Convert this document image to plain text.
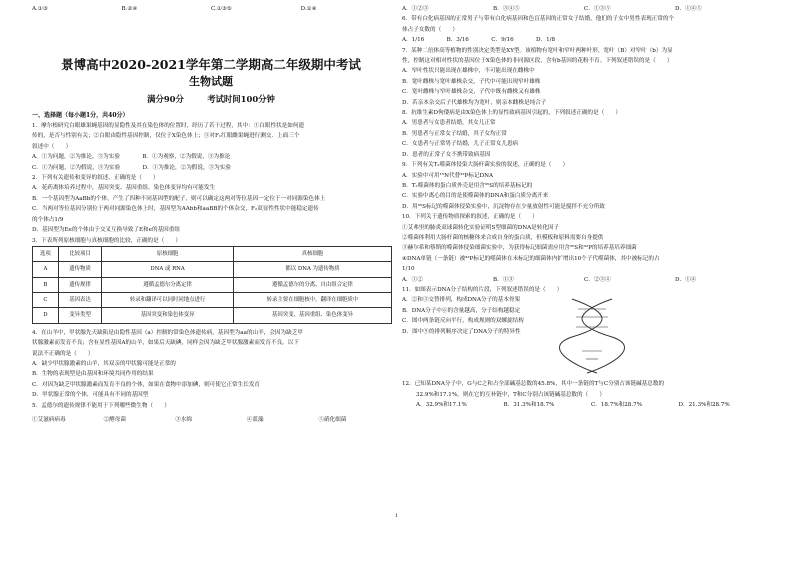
A.①③	B.②④	C.①③⑤	D.①④
景博高中2020-2021学年第二学期高二年级期中考试
生物试题
满分90分	考试时间100分钟
一、选择题（每小题1分，共40分）
1．摩尔根研究白眼雄果蝇基因的显隐性及其在染色体的位置时，经历了若干过程，其中：①白眼性状是如何遗
传的，是否与性别有关；②白眼由隐性基因控制，仅位于X染色体上；③对F₁红眼雌果蝇进行测交．上面三个
叙述中（　　）
A．①为问题，②为推论，③为实验　　　　B．①为观察，②为假说，③为推论
C．①为问题，②为假说，③为实验　　　　D．①为推论，②为假说，③为实验
2．下列有关遗传和变异的叙述，正确的是（　　）
A．花药离体培养过程中，基因突变、基因重组、染色体变异均有可能发生
B．一个基因型为AaBb的个体，产生了四种不同基因型的配子，则可以确定这两对等位基因一定位于一对同源染色体上
C．当两对等位基因分别位于两对同源染色体上时，基因型为AAbb和aaBB的个体杂交，F₂双显性性状中能稳定遗传
的个体占1/9
D．基因型为Ee的个体由于交叉互换导致了E和e的基因重组
3．下表所列原核细胞与真核细胞的比较，正确的是（　　）
选项	比较项目	原核细胞	真核细胞
A	遗传物质	DNA 或 RNA	都以 DNA 为遗传物质
B	遗传规律	遵循孟德尔分离定律	遵循孟德尔的分离、自由组合定律
C	基因表达	转录和翻译可以同时同地点进行	转录主要在细胞核中，翻译在细胞质中
D	变异类型	基因突变和染色体变异	基因突变、基因重组、染色体变异
4．在山羊中，甲状腺先天缺陷是由隐性基因（a）控制的常染色体遗传病。基因型为aa的山羊，会因为缺乏甲
状腺激素而发育不良；含有显性基因A的山羊，如果后天缺碘，同样会因为缺乏甲状腺激素而发育不良。以下
说法不正确的是（　　）
A．缺少甲状腺激素的山羊，其双亲的甲状腺可能是正常的
B．生物的表现型是由基因和环境共同作用的结果
C．对因为缺乏甲状腺激素而发育不良的个体，如果在食物中添加碘，则可使它正常生长发育
D．甲状腺正常的个体，可能具有不同的基因型
5．孟德尔的遗传规律不能用于下列哪些微生物（　　）
①艾滋病病毒	②酵母菌	③水绵	④蓝藻	⑤硝化细菌
A．①②③	B．③④⑤	C．①③⑤	D．①④⑤
6．带有白化病基因的正常男子与带有白化病基因和色盲基因的正常女子结婚，他们的子女中男性表现正常的个
体占子女数的（　　）
A．1/16　　　　B．3/16　　　　C．9/16　　　　D．1/8
7．某种二倍体高等植物的性别决定类型是XY型。该植物有宽叶和窄叶两种叶形，宽叶（B）对窄叶（b）为显
性，控制这对相对性状的基因位于X染色体的非同源区段，含有b基因的花粉不育。下列叙述错误的是（　　）
A．窄叶性状只能出现在雄株中，不可能出现在雌株中
B．宽叶雌株与宽叶雄株杂交，子代中可能出现窄叶雄株
C．宽叶雌株与窄叶雄株杂交，子代中既有雌株又有雄株
D．若亲本杂交后子代雄株均为宽叶，则亲本雌株是纯合子
8．抗维生素D佝偻病是由X染色体上的显性致病基因引起的，下列叙述正确的是（　　）
A．男患者与女患者结婚，其女儿正常
B．男患者与正常女子结婚，其子女均正常
C．女患者与正常男子结婚，儿子正常女儿患病
D．患者的正常子女不携带致病基因
9．下列有关T₂噬菌体侵染大肠杆菌实验的叙述，正确的是（　　）
A．实验中可用¹⁵N代替³²P标记DNA
B．T₂噬菌体的蛋白质外壳是用含³⁵S的培养基标记的
C．实验中离心的目的是使噬菌体的DNA和蛋白质分离开来
D．用³⁵S标记的噬菌体侵染实验中，沉淀物存在少量放射性可能是搅拌不充分所致
10．下列关于遗传物质探索的叙述，正确的是（　　）
①艾弗里的肺炎双球菌转化实验证明S型细菌的DNA是转化因子
②噬菌体利用大肠杆菌的核糖体来合成自身的蛋白质，但模板和原料需要自身提供
③赫尔希和蔡斯的噬菌体侵染细菌实验中，为获得标记细菌需应用含³⁵S和³²P的培养基培养细菌
④DNA单链（一条链）被³²P标记的噬菌体在未标记的细菌体内扩增出10个子代噬菌体，其中被标记的占
1/10
A．①②	B．①③	C．②③④	D．①④
11．如图表示DNA分子结构的片段，下列叙述错误的是（　　）
A．②和③交替排列，构成DNA分子的基本骨架
B．DNA分子中⑥的含量越高，分子结构越稳定
C．图中两条链反向平行，构成规则的双螺旋结构
D．图中⑨的排列顺序决定了DNA分子的特异性
12．已知某DNA分子中，G与C之和占全部碱基总数的45.8%，其中一条链的T与C分别占该链碱基总数的
32.9%和17.1%，则在它的互补链中，T和C分别占该链碱基总数的（　　）
A．32.9%和17.1%	B．31.3%和18.7%	C．18.7%和28.7%	D．21.3%和28.7%
1
